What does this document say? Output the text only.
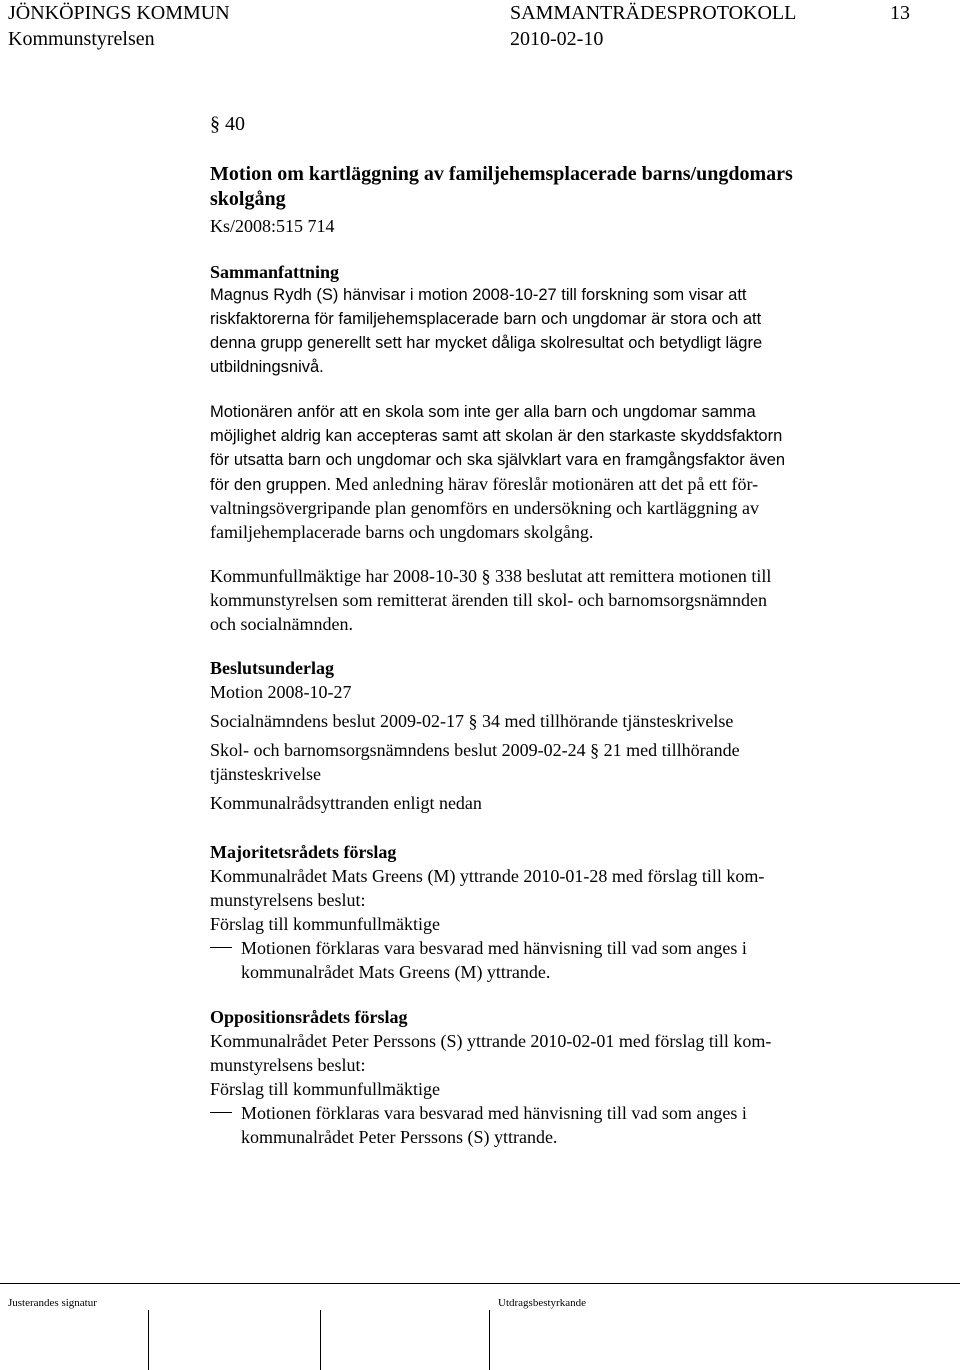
JÖNKÖPINGS KOMMUN	SAMMANTRÄDESPROTOKOLL	13
Kommunstyrelsen	2010-02-10
§ 40
Motion om kartläggning av familjehemsplacerade barns/ungdomars
skolgång
Ks/2008:515 714
Sammanfattning
Magnus Rydh (S) hänvisar i motion 2008-10-27 till forskning som visar att
riskfaktorerna för familjehemsplacerade barn och ungdomar är stora och att
denna grupp generellt sett har mycket dåliga skolresultat och betydligt lägre
utbildningsnivå.
Motionären anför att en skola som inte ger alla barn och ungdomar samma
möjlighet aldrig kan accepteras samt att skolan är den starkaste skyddsfaktorn
för utsatta barn och ungdomar och ska självklart vara en framgångsfaktor även
för den gruppen. Med anledning härav föreslår motionären att det på ett för-
valtningsövergripande plan genomförs en undersökning och kartläggning av
familjehemplacerade barns och ungdomars skolgång.
Kommunfullmäktige har 2008-10-30 § 338 beslutat att remittera motionen till
kommunstyrelsen som remitterat ärenden till skol- och barnomsorgsnämnden
och socialnämnden.
Beslutsunderlag
Motion 2008-10-27
Socialnämndens beslut 2009-02-17 § 34 med tillhörande tjänsteskrivelse
Skol- och barnomsorgsnämndens beslut 2009-02-24 § 21 med tillhörande
tjänsteskrivelse
Kommunalrådsyttranden enligt nedan
Majoritetsrådets förslag
Kommunalrådet Mats Greens (M) yttrande 2010-01-28 med förslag till kom-
munstyrelsens beslut:
Förslag till kommunfullmäktige
Motionen förklaras vara besvarad med hänvisning till vad som anges i
kommunalrådet Mats Greens (M) yttrande.
Oppositionsrådets förslag
Kommunalrådet Peter Perssons (S) yttrande 2010-02-01 med förslag till kom-
munstyrelsens beslut:
Förslag till kommunfullmäktige
Motionen förklaras vara besvarad med hänvisning till vad som anges i
kommunalrådet Peter Perssons (S) yttrande.
Justerandes signatur	Utdragsbestyrkande
